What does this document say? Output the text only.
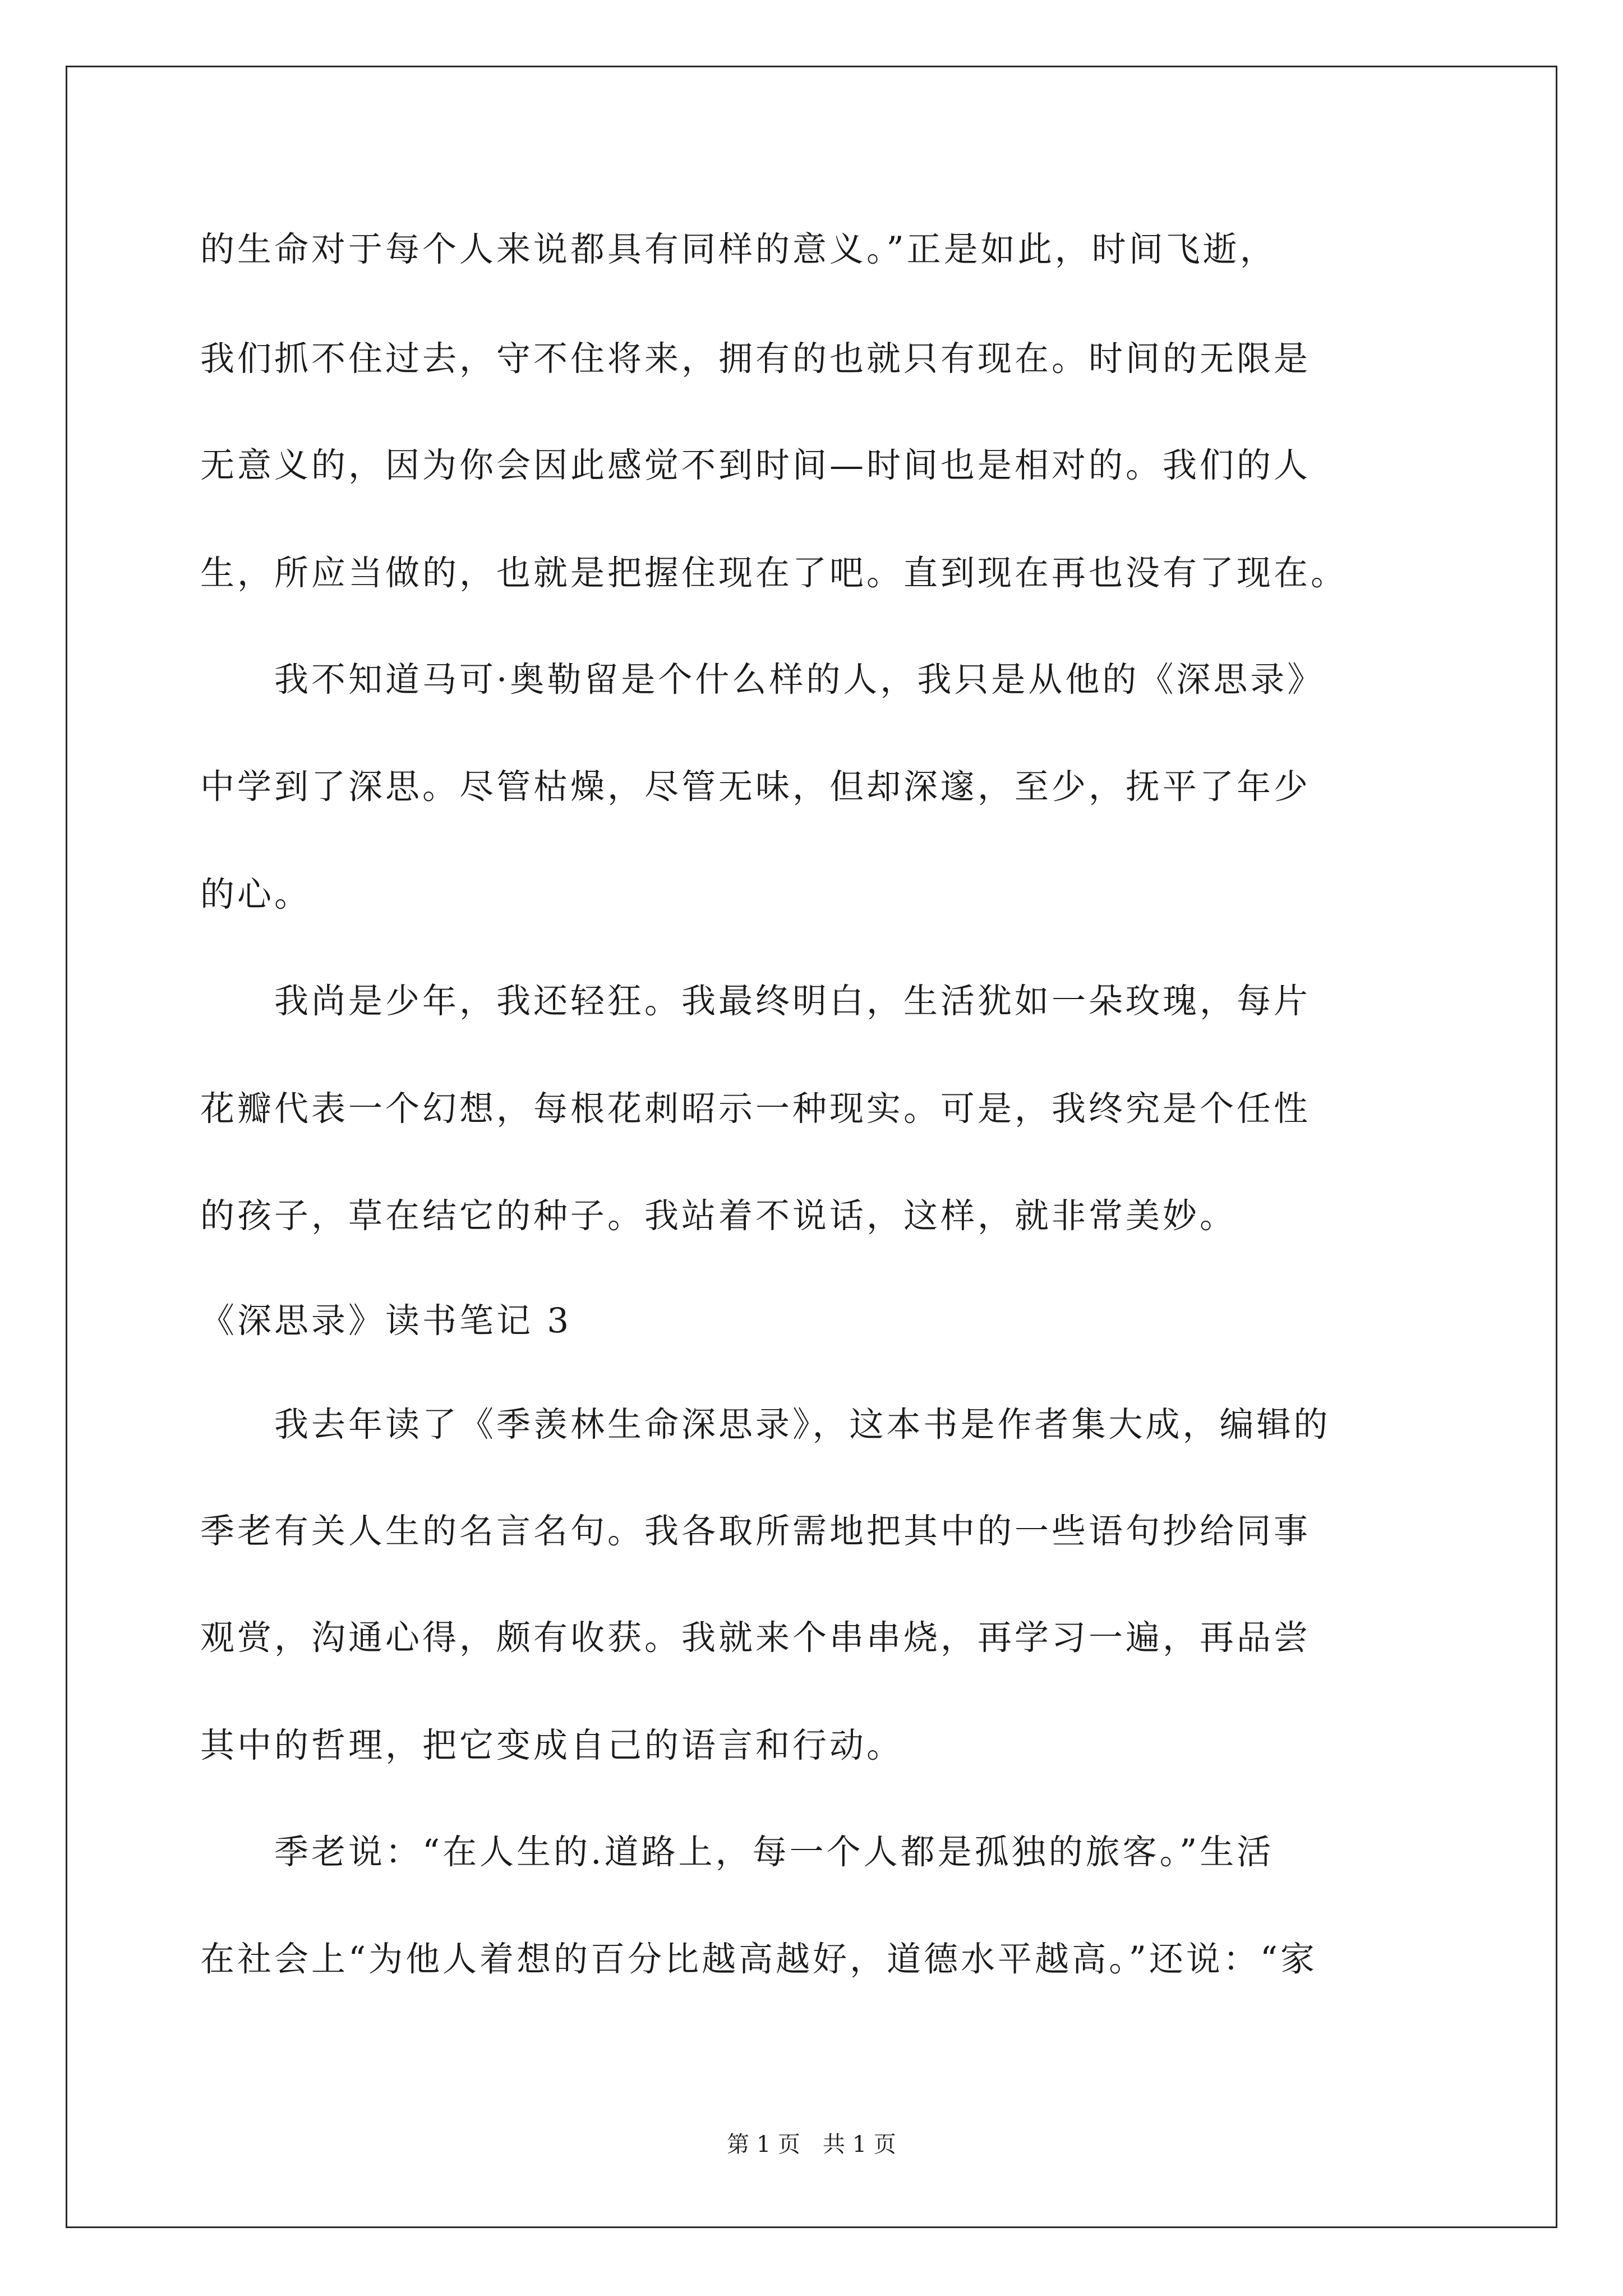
的生命对于每个人来说都具有同样的意义。”正是如此，时间飞逝，
我们抓不住过去，守不住将来，拥有的也就只有现在。时间的无限是
无意义的，因为你会因此感觉不到时间—时间也是相对的。我们的人
生，所应当做的，也就是把握住现在了吧。直到现在再也没有了现在。
　　我不知道马可·奥勒留是个什么样的人，我只是从他的《深思录》
中学到了深思。尽管枯燥，尽管无味，但却深邃，至少，抚平了年少
的心。
　　我尚是少年，我还轻狂。我最终明白，生活犹如一朵玫瑰，每片
花瓣代表一个幻想，每根花刺昭示一种现实。可是，我终究是个任性
的孩子，草在结它的种子。我站着不说话，这样，就非常美妙。
《深思录》读书笔记 3
　　我去年读了《季羡林生命深思录》，这本书是作者集大成，编辑的
季老有关人生的名言名句。我各取所需地把其中的一些语句抄给同事
观赏，沟通心得，颇有收获。我就来个串串烧，再学习一遍，再品尝
其中的哲理，把它变成自己的语言和行动。
　　季老说：“在人生的.道路上，每一个人都是孤独的旅客。”生活
在社会上“为他人着想的百分比越高越好，道德水平越高。”还说：“家
第 1 页　共 1 页
